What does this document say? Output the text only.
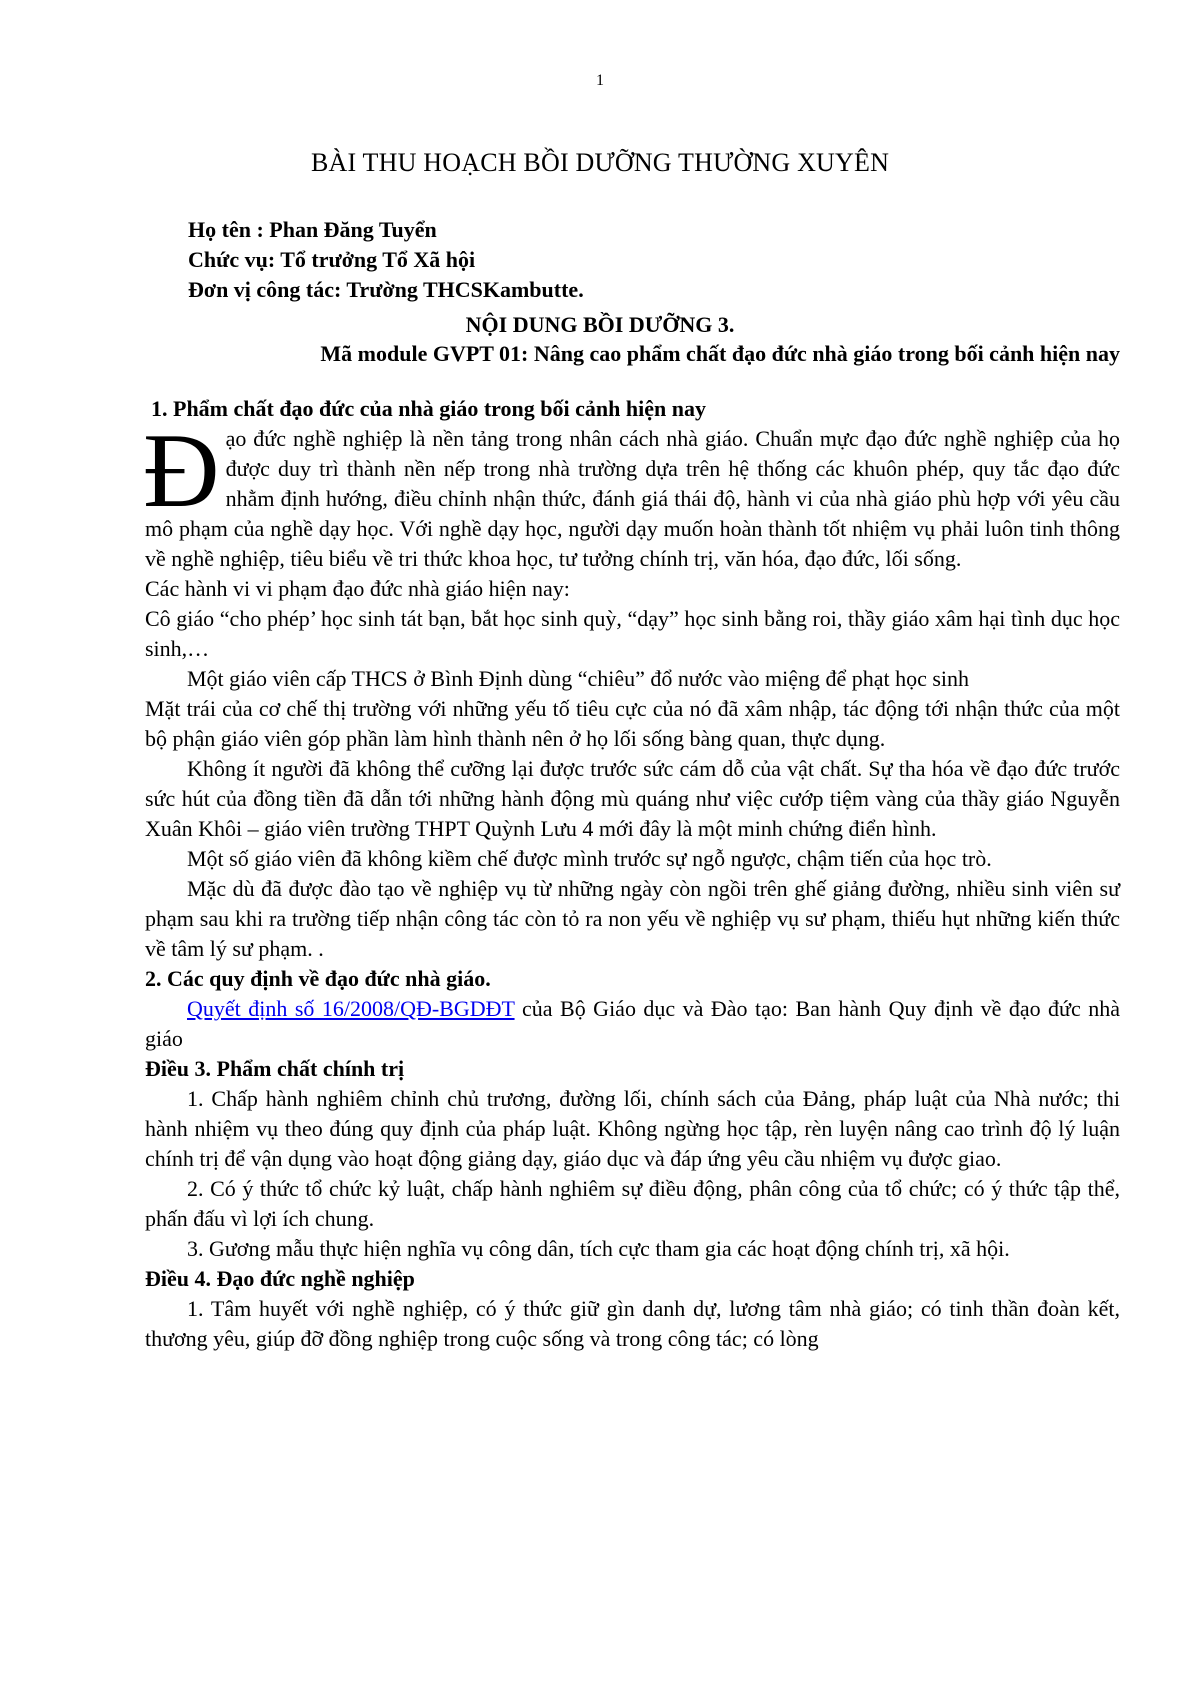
1
BÀI THU HOẠCH BỒI DƯỠNG THƯỜNG XUYÊN
Họ tên : Phan Đăng Tuyển
Chức vụ: Tổ trưởng Tổ Xã hội
Đơn vị công tác: Trường THCSKambutte.
NỘI DUNG BỒI DƯỠNG 3.
Mã module GVPT 01: Nâng cao phẩm chất đạo đức nhà giáo trong bối cảnh hiện nay

1. Phẩm chất đạo đức của nhà giáo trong bối cảnh hiện nay

Đạo đức nghề nghiệp là nền tảng trong nhân cách nhà giáo. Chuẩn mực đạo đức nghề nghiệp của họ được duy trì thành nền nếp trong nhà trường dựa trên hệ thống các khuôn phép, quy tắc đạo đức nhằm định hướng, điều chỉnh nhận thức, đánh giá thái độ, hành vi của nhà giáo phù hợp với yêu cầu mô phạm của nghề dạy học. Với nghề dạy học, người dạy muốn hoàn thành tốt nhiệm vụ phải luôn tinh thông về nghề nghiệp, tiêu biểu về tri thức khoa học, tư tưởng chính trị, văn hóa, đạo đức, lối sống.

Các hành vi vi phạm đạo đức nhà giáo hiện nay:

Cô giáo “cho phép’ học sinh tát bạn, bắt học sinh quỳ, “dạy” học sinh bằng roi, thầy giáo xâm hại tình dục học sinh,…

Một giáo viên cấp THCS ở Bình Định dùng “chiêu” đổ nước vào miệng để phạt học sinh

Mặt trái của cơ chế thị trường với những yếu tố tiêu cực của nó đã xâm nhập, tác động tới nhận thức của một bộ phận giáo viên góp phần làm hình thành nên ở họ lối sống bàng quan, thực dụng.

Không ít người đã không thể cưỡng lại được trước sức cám dỗ của vật chất. Sự tha hóa về đạo đức trước sức hút của đồng tiền đã dẫn tới những hành động mù quáng như việc cướp tiệm vàng của thầy giáo Nguyễn Xuân Khôi – giáo viên trường THPT Quỳnh Lưu 4 mới đây là một minh chứng điển hình.

Một số giáo viên đã không kiềm chế được mình trước sự ngỗ ngược, chậm tiến của học trò.

Mặc dù đã được đào tạo về nghiệp vụ từ những ngày còn ngồi trên ghế giảng đường, nhiều sinh viên sư phạm sau khi ra trường tiếp nhận công tác còn tỏ ra non yếu về nghiệp vụ sư phạm, thiếu hụt những kiến thức về tâm lý sư phạm. .

2. Các quy định về đạo đức nhà giáo.

Quyết định số 16/2008/QĐ-BGDĐT của Bộ Giáo dục và Đào tạo: Ban hành Quy định về đạo đức nhà giáo

Điều 3. Phẩm chất chính trị

1. Chấp hành nghiêm chỉnh chủ trương, đường lối, chính sách của Đảng, pháp luật của Nhà nước; thi hành nhiệm vụ theo đúng quy định của pháp luật. Không ngừng học tập, rèn luyện nâng cao trình độ lý luận chính trị để vận dụng vào hoạt động giảng dạy, giáo dục và đáp ứng yêu cầu nhiệm vụ được giao.

2. Có ý thức tổ chức kỷ luật, chấp hành nghiêm sự điều động, phân công của tổ chức; có ý thức tập thể, phấn đấu vì lợi ích chung.

3. Gương mẫu thực hiện nghĩa vụ công dân, tích cực tham gia các hoạt động chính trị, xã hội.

Điều 4. Đạo đức nghề nghiệp

1. Tâm huyết với nghề nghiệp, có ý thức giữ gìn danh dự, lương tâm nhà giáo; có tinh thần đoàn kết, thương yêu, giúp đỡ đồng nghiệp trong cuộc sống và trong công tác; có lòng
